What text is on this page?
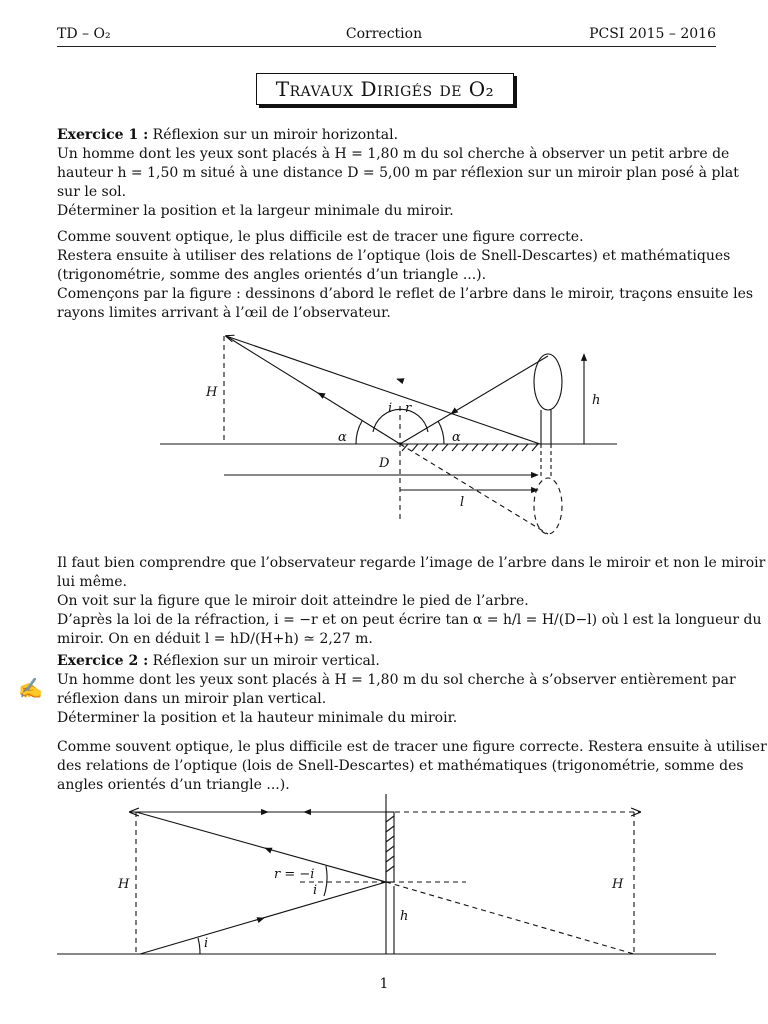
TD – O₂	Correction	PCSI 2015 – 2016
Travaux Dirigés de O₂
Exercice 1 : Réflexion sur un miroir horizontal.
Un homme dont les yeux sont placés à H = 1,80 m du sol cherche à observer un petit arbre de
hauteur h = 1,50 m situé à une distance D = 5,00 m par réflexion sur un miroir plan posé à plat
sur le sol.
Déterminer la position et la largeur minimale du miroir.
Comme souvent optique, le plus difficile est de tracer une figure correcte.
Restera ensuite à utiliser des relations de l’optique (lois de Snell-Descartes) et mathématiques
(trigonométrie, somme des angles orientés d’un triangle ...).
Començons par la figure : dessinons d’abord le reflet de l’arbre dans le miroir, traçons ensuite les
rayons limites arrivant à l’œil de l’observateur.
H
h
D
l
i r
α	α
Il faut bien comprendre que l’observateur regarde l’image de l’arbre dans le miroir et non le miroir
lui même.
On voit sur la figure que le miroir doit atteindre le pied de l’arbre.
D’après la loi de la réfraction, i = −r et on peut écrire tan α = h/l = H/(D−l) où l est la longueur du
miroir. On en déduit l = hD/(H+h) ≃ 2,27 m.
✍
Exercice 2 : Réflexion sur un miroir vertical.
Un homme dont les yeux sont placés à H = 1,80 m du sol cherche à s’observer entièrement par
réflexion dans un miroir plan vertical.
Déterminer la position et la hauteur minimale du miroir.
Comme souvent optique, le plus difficile est de tracer une figure correcte. Restera ensuite à utiliser
des relations de l’optique (lois de Snell-Descartes) et mathématiques (trigonométrie, somme des
angles orientés d’un triangle ...).
H	H
h
r = −i
i
i
1
